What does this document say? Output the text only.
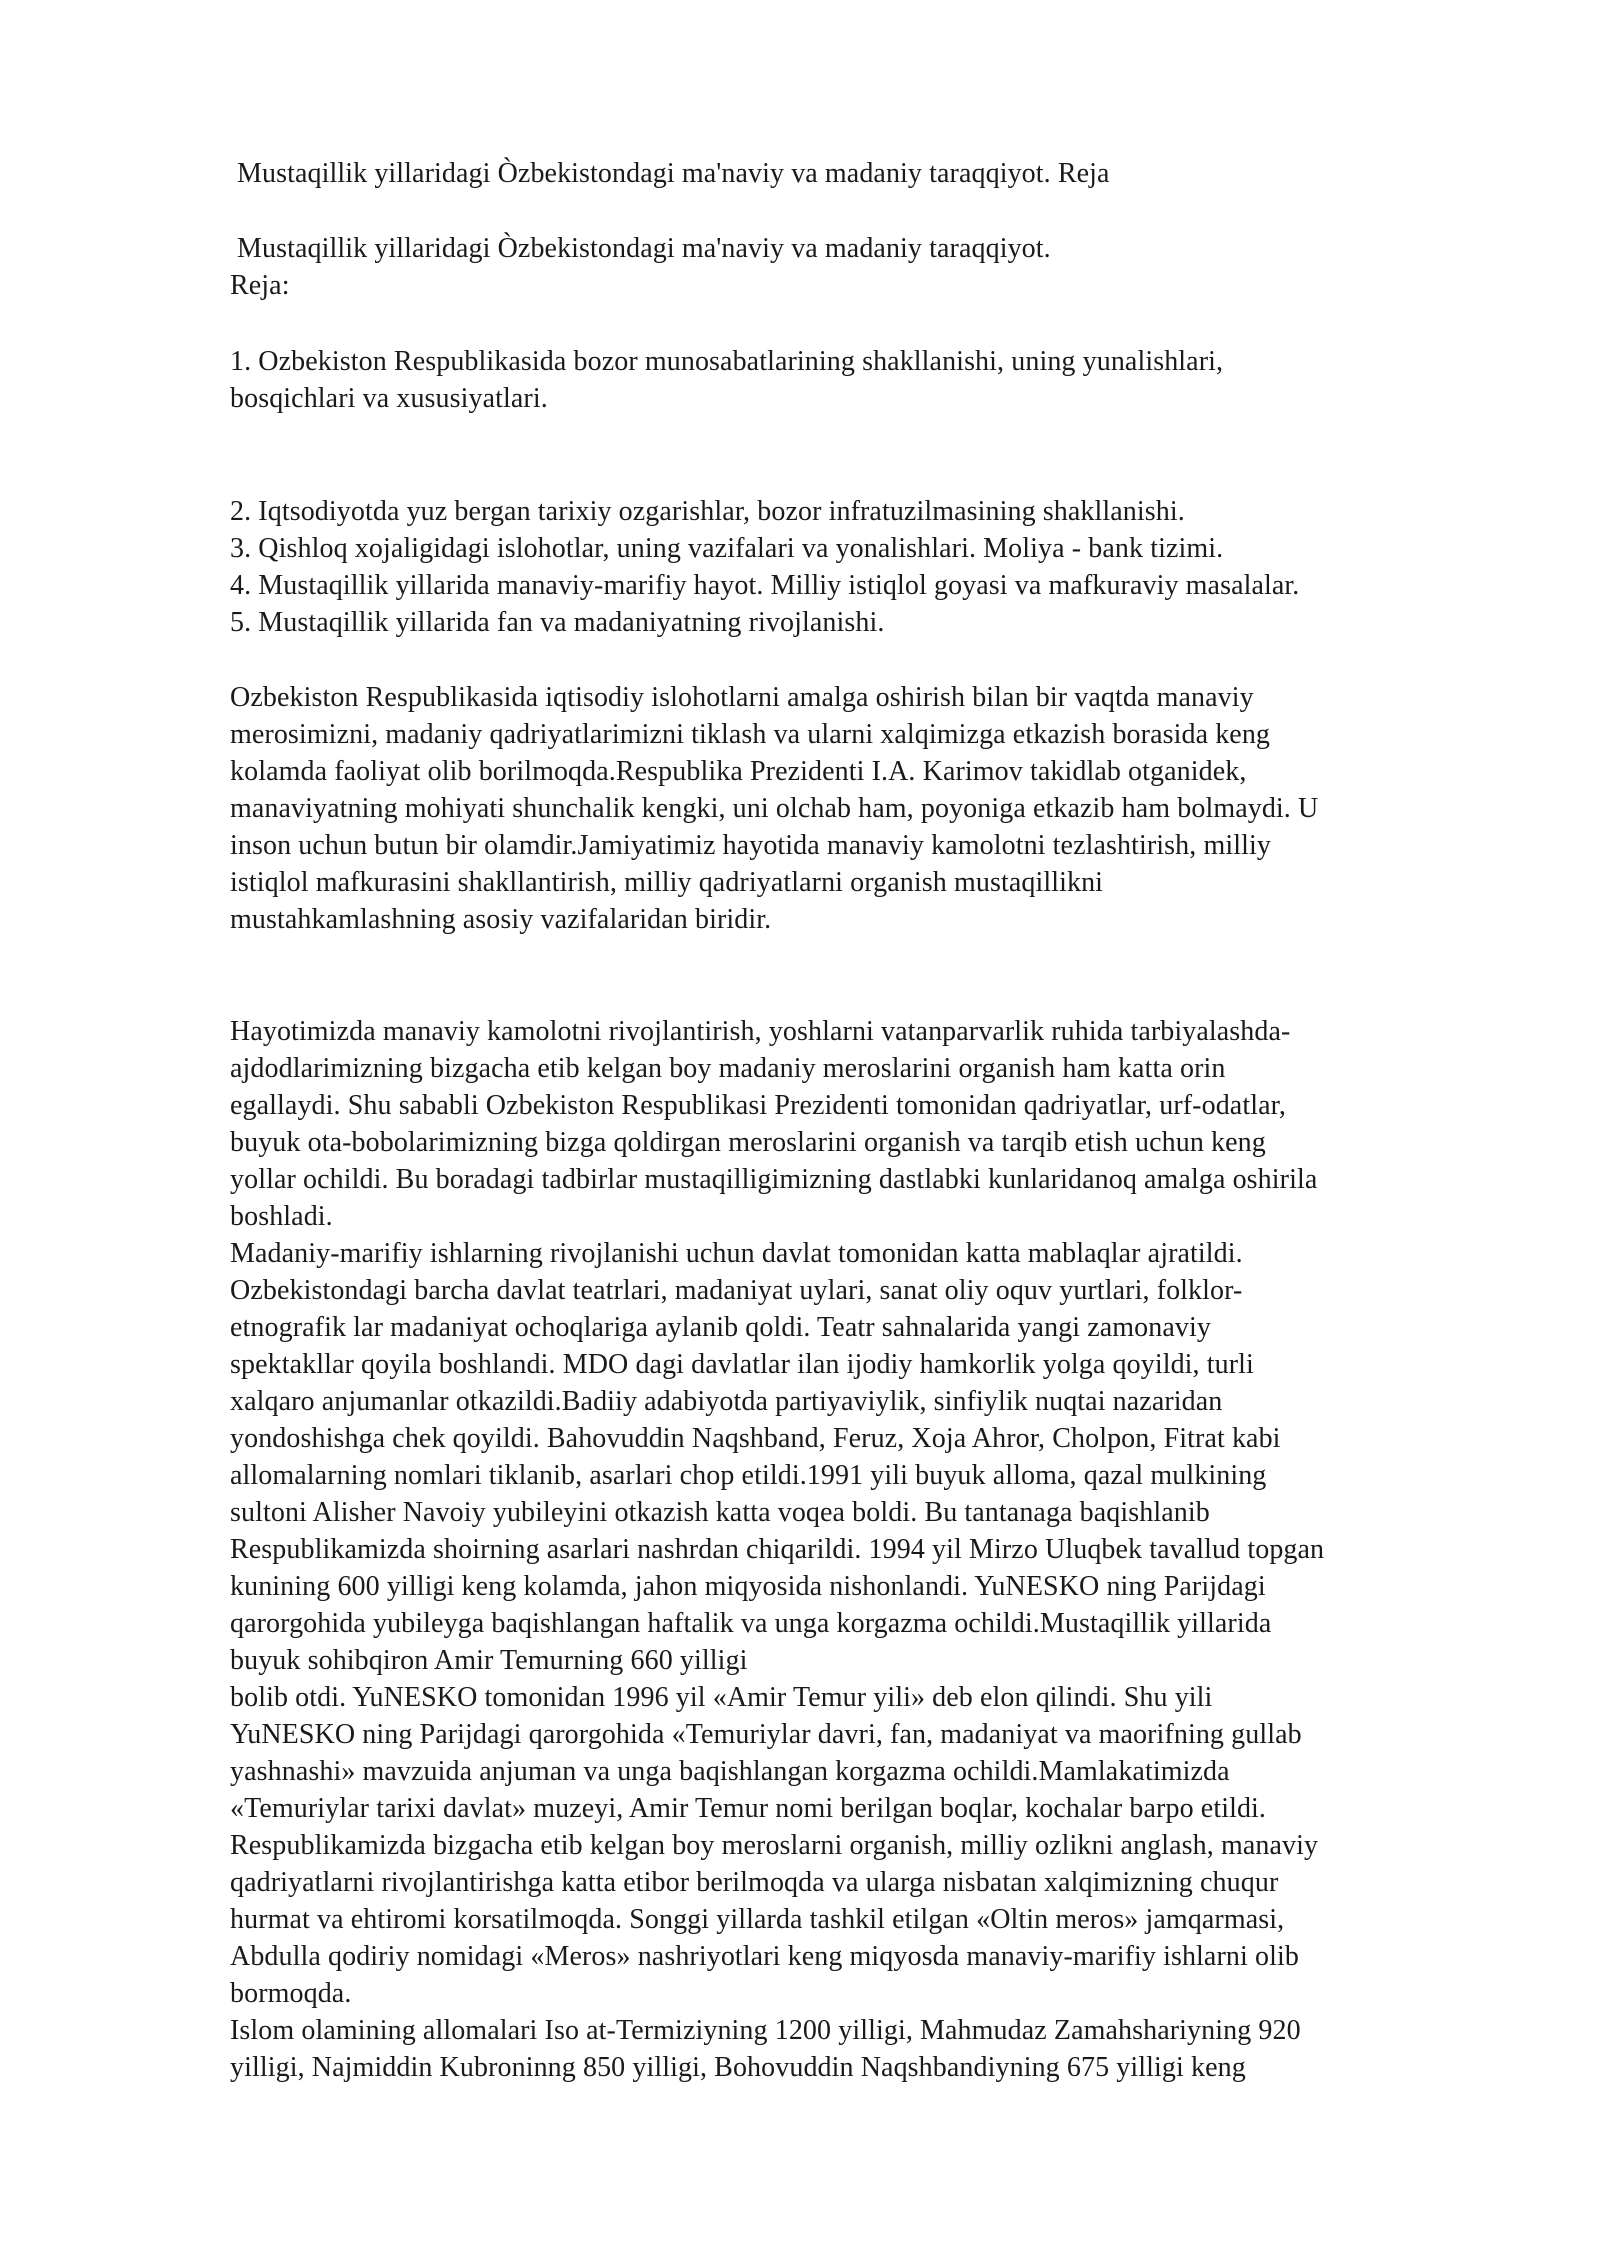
Mustaqillik yillaridagi Òzbekistondagi ma'naviy va madaniy taraqqiyot. Reja
Mustaqillik yillaridagi Òzbekistondagi ma'naviy va madaniy taraqqiyot.
Reja:
1. Ozbekiston Respublikasida bozor munosabatlarining shakllanishi, uning yunalishlari,
bosqichlari va xususiyatlari.
2. Iqtsodiyotda yuz bergan tarixiy ozgarishlar, bozor infratuzilmasining shakllanishi.
3. Qishloq xojaligidagi islohotlar, uning vazifalari va yonalishlari. Moliya - bank tizimi.
4. Mustaqillik yillarida manaviy-marifiy hayot. Milliy istiqlol goyasi va mafkuraviy masalalar.
5. Mustaqillik yillarida fan va madaniyatning rivojlanishi.
Ozbekiston Respublikasida iqtisodiy islohotlarni amalga oshirish bilan bir vaqtda manaviy
merosimizni, madaniy qadriyatlarimizni tiklash va ularni xalqimizga etkazish borasida keng
kolamda faoliyat olib borilmoqda.Respublika Prezidenti I.A. Karimov takidlab otganidek,
manaviyatning mohiyati shunchalik kengki, uni olchab ham, poyoniga etkazib ham bolmaydi. U
inson uchun butun bir olamdir.Jamiyatimiz hayotida manaviy kamolotni tezlashtirish, milliy
istiqlol mafkurasini shakllantirish, milliy qadriyatlarni organish mustaqillikni
mustahkamlashning asosiy vazifalaridan biridir.
Hayotimizda manaviy kamolotni rivojlantirish, yoshlarni vatanparvarlik ruhida tarbiyalashda-
ajdodlarimizning bizgacha etib kelgan boy madaniy meroslarini organish ham katta orin
egallaydi. Shu sababli Ozbekiston Respublikasi Prezidenti tomonidan qadriyatlar, urf-odatlar,
buyuk ota-bobolarimizning bizga qoldirgan meroslarini organish va tarqib etish uchun keng
yollar ochildi. Bu boradagi tadbirlar mustaqilligimizning dastlabki kunlaridanoq amalga oshirila
boshladi.
Madaniy-marifiy ishlarning rivojlanishi uchun davlat tomonidan katta mablaqlar ajratildi.
Ozbekistondagi barcha davlat teatrlari, madaniyat uylari, sanat oliy oquv yurtlari, folklor-
etnografik lar madaniyat ochoqlariga aylanib qoldi. Teatr sahnalarida yangi zamonaviy
spektakllar qoyila boshlandi. MDO dagi davlatlar ilan ijodiy hamkorlik yolga qoyildi, turli
xalqaro anjumanlar otkazildi.Badiiy adabiyotda partiyaviylik, sinfiylik nuqtai nazaridan
yondoshishga chek qoyildi. Bahovuddin Naqshband, Feruz, Xoja Ahror, Cholpon, Fitrat kabi
allomalarning nomlari tiklanib, asarlari chop etildi.1991 yili buyuk alloma, qazal mulkining
sultoni Alisher Navoiy yubileyini otkazish katta voqea boldi. Bu tantanaga baqishlanib
Respublikamizda shoirning asarlari nashrdan chiqarildi. 1994 yil Mirzo Uluqbek tavallud topgan
kunining 600 yilligi keng kolamda, jahon miqyosida nishonlandi. YuNESKO ning Parijdagi
qarorgohida yubileyga baqishlangan haftalik va unga korgazma ochildi.Mustaqillik yillarida
buyuk sohibqiron Amir Temurning 660 yilligi
bolib otdi. YuNESKO tomonidan 1996 yil «Amir Temur yili» deb elon qilindi. Shu yili
YuNESKO ning Parijdagi qarorgohida «Temuriylar davri, fan, madaniyat va maorifning gullab
yashnashi» mavzuida anjuman va unga baqishlangan korgazma ochildi.Mamlakatimizda
«Temuriylar tarixi davlat» muzeyi, Amir Temur nomi berilgan boqlar, kochalar barpo etildi.
Respublikamizda bizgacha etib kelgan boy meroslarni organish, milliy ozlikni anglash, manaviy
qadriyatlarni rivojlantirishga katta etibor berilmoqda va ularga nisbatan xalqimizning chuqur
hurmat va ehtiromi korsatilmoqda. Songgi yillarda tashkil etilgan «Oltin meros» jamqarmasi,
Abdulla qodiriy nomidagi «Meros» nashriyotlari keng miqyosda manaviy-marifiy ishlarni olib
bormoqda.
Islom olamining allomalari Iso at-Termiziyning 1200 yilligi, Mahmudaz Zamahshariyning 920
yilligi, Najmiddin Kubroninng 850 yilligi, Bohovuddin Naqshbandiyning 675 yilligi keng
